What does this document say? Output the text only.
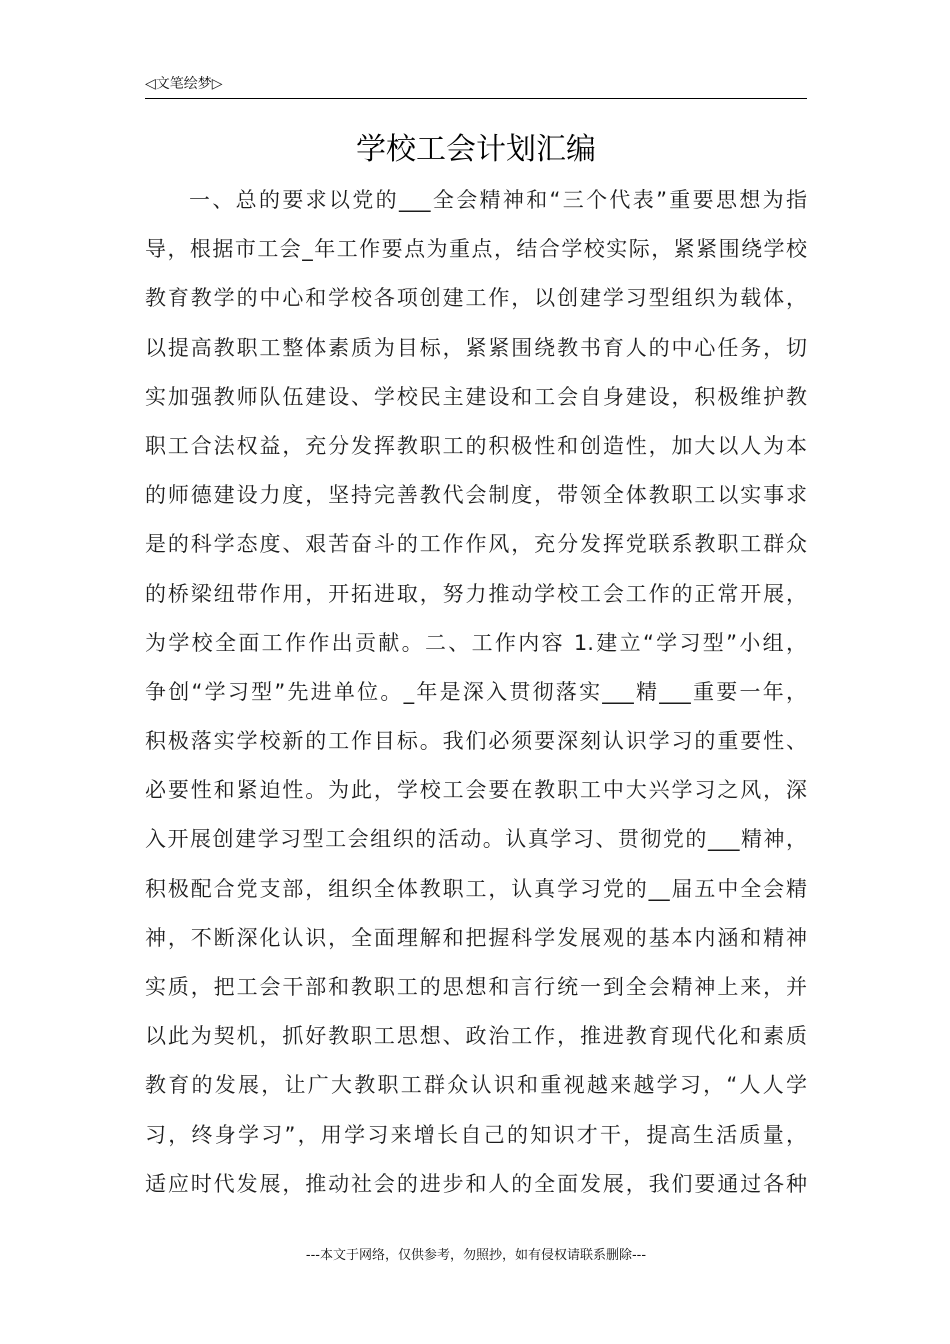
◁文笔绘梦▷
学校工会计划汇编
一、总的要求以党的___全会精神和“三个代表”重要思想为指
导，根据市工会_年工作要点为重点，结合学校实际，紧紧围绕学校
教育教学的中心和学校各项创建工作，以创建学习型组织为载体，
以提高教职工整体素质为目标，紧紧围绕教书育人的中心任务，切
实加强教师队伍建设、学校民主建设和工会自身建设，积极维护教
职工合法权益，充分发挥教职工的积极性和创造性，加大以人为本
的师德建设力度，坚持完善教代会制度，带领全体教职工以实事求
是的科学态度、艰苦奋斗的工作作风，充分发挥党联系教职工群众
的桥梁纽带作用，开拓进取，努力推动学校工会工作的正常开展，
为学校全面工作作出贡献。二、工作内容 1.建立“学习型”小组，
争创“学习型”先进单位。_年是深入贯彻落实___精___重要一年，
积极落实学校新的工作目标。我们必须要深刻认识学习的重要性、
必要性和紧迫性。为此，学校工会要在教职工中大兴学习之风，深
入开展创建学习型工会组织的活动。认真学习、贯彻党的___精神，
积极配合党支部，组织全体教职工，认真学习党的__届五中全会精
神，不断深化认识，全面理解和把握科学发展观的基本内涵和精神
实质，把工会干部和教职工的思想和言行统一到全会精神上来，并
以此为契机，抓好教职工思想、政治工作，推进教育现代化和素质
教育的发展，让广大教职工群众认识和重视越来越学习，“人人学
习，终身学习”，用学习来增长自己的知识才干，提高生活质量，
适应时代发展，推动社会的进步和人的全面发展，我们要通过各种
---本文于网络，仅供参考，勿照抄，如有侵权请联系删除---
